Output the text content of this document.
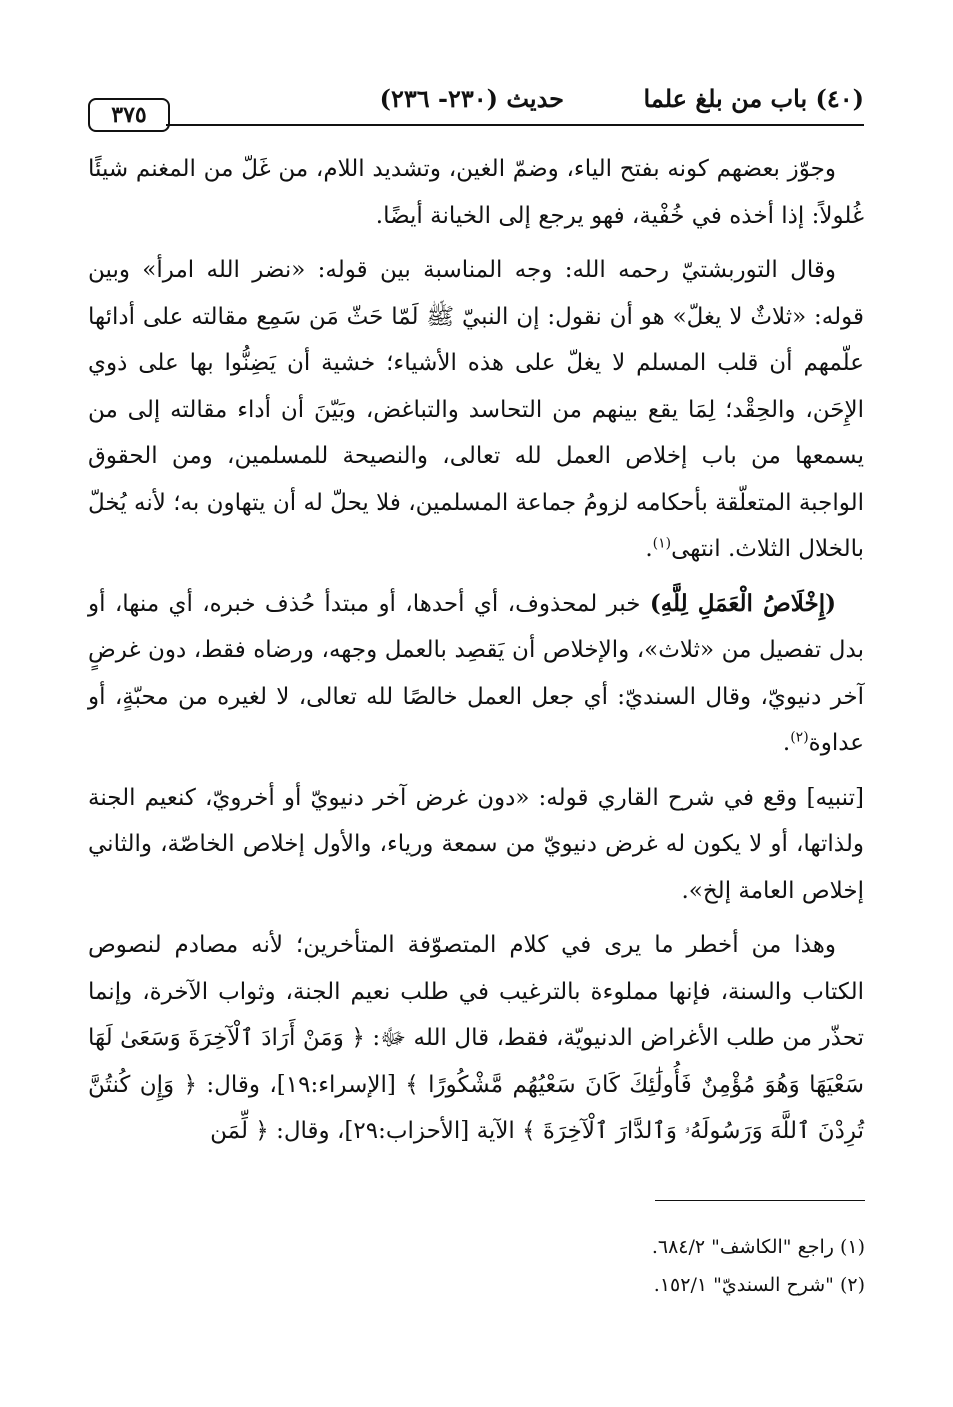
(٤٠) باب من بلغ علما
حديث (٢٣٠- ٢٣٦)
٣٧٥

وجوّز بعضهم كونه بفتح الياء، وضمّ الغين، وتشديد اللام، من غَلّ من المغنم شيئًا غُلولاً: إذا أخذه في خُفْية، فهو يرجع إلى الخيانة أيضًا.

وقال التوربشتيّ رحمه الله: وجه المناسبة بين قوله: «نضر الله امرأ» وبين قوله: «ثلاثٌ لا يغلّ» هو أن نقول: إن النبيّ ﷺ لَمّا حَثّ مَن سَمِع مقالته على أدائها علّمهم أن قلب المسلم لا يغلّ على هذه الأشياء؛ خشية أن يَضِنُّوا بها على ذوي الإِحَن، والحِقْد؛ لِمَا يقع بينهم من التحاسد والتباغض، وبَيّنَ أن أداء مقالته إلى من يسمعها من باب إخلاص العمل لله تعالى، والنصيحة للمسلمين، ومن الحقوق الواجبة المتعلّقة بأحكامه لزومُ جماعة المسلمين، فلا يحلّ له أن يتهاون به؛ لأنه يُخلّ بالخلال الثلاث. انتهى$^{(١)}$.

(إِخْلَاصُ الْعَمَلِ لِلَّهِ) خبر لمحذوف، أي أحدها، أو مبتدأ حُذف خبره، أي منها، أو بدل تفصيل من «ثلاث»، والإخلاص أن يَقصِد بالعمل وجهه، ورضاه فقط، دون غرضٍ آخر دنيويّ، وقال السنديّ: أي جعل العمل خالصًا لله تعالى، لا لغيره من محبّةٍ، أو عداوة$^{(٢)}$.

[تنبيه] وقع في شرح القاري قوله: «دون غرض آخر دنيويّ أو أخرويّ، كنعيم الجنة ولذاتها، أو لا يكون له غرض دنيويّ من سمعة ورياء، والأول إخلاص الخاصّة، والثاني إخلاص العامة إلخ».

وهذا من أخطر ما يرى في كلام المتصوّفة المتأخرين؛ لأنه مصادم لنصوص الكتاب والسنة، فإنها مملوءة بالترغيب في طلب نعيم الجنة، وثواب الآخرة، وإنما تحذّر من طلب الأغراض الدنيويّة، فقط، قال الله ﷻ: ﴿ وَمَنْ أَرَادَ ٱلْآخِرَةَ وَسَعَىٰ لَهَا سَعْيَهَا وَهُوَ مُؤْمِنٌ فَأُولَٰئِكَ كَانَ سَعْيُهُم مَّشْكُورًا ﴾ [الإسراء:١٩]، وقال: ﴿ وَإِن كُنتُنَّ تُرِدْنَ ٱللَّهَ وَرَسُولَهُۥ وَٱلدَّارَ ٱلْآخِرَةَ ﴾ الآية [الأحزاب:٢٩]، وقال: ﴿ لِّمَن

(١) راجع "الكاشف" ٦٨٤/٢.
(٢) "شرح السنديّ" ١٥٢/١.
